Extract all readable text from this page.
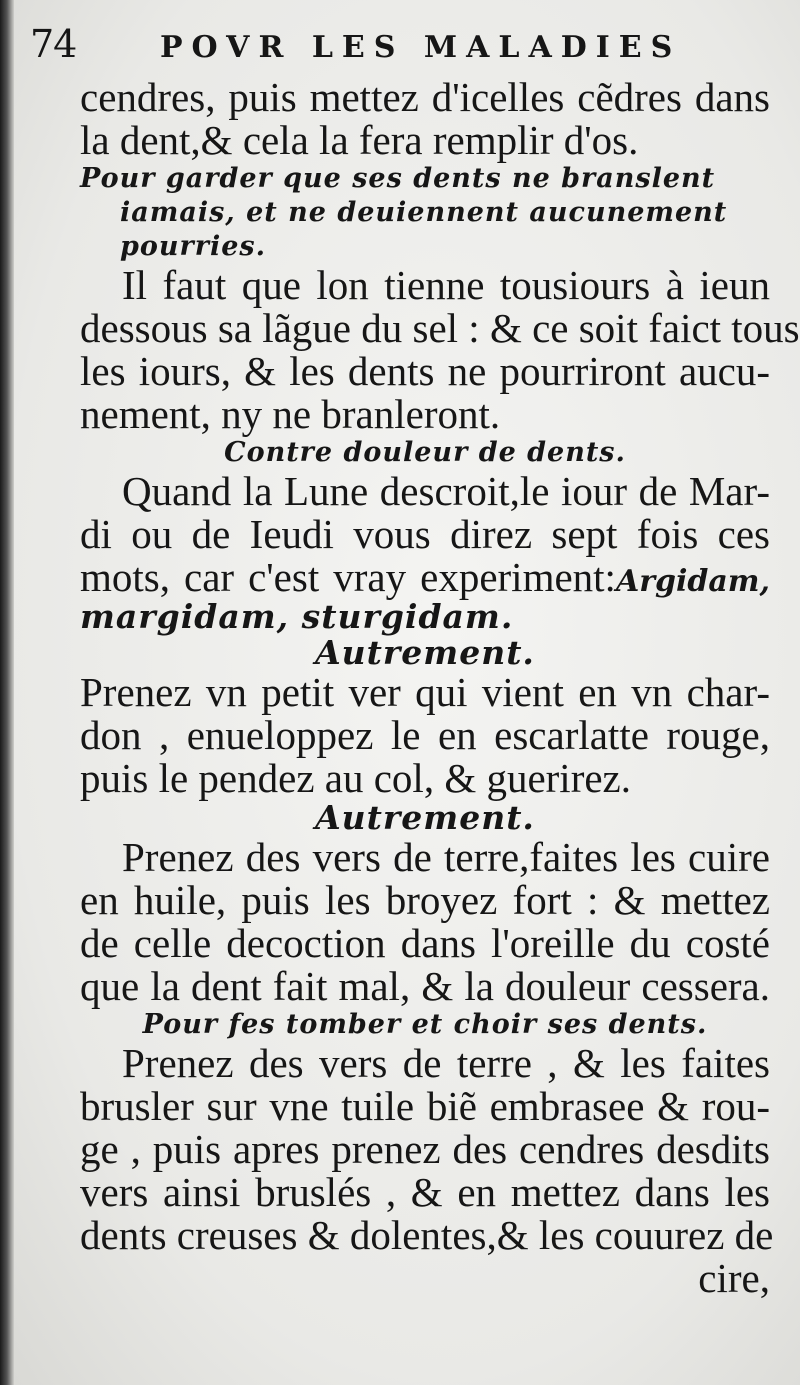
74	POVR LES MALADIES
cendres, puis mettez d'icelles cẽdres dans
la dent,& cela la fera remplir d'os.
Pour garder que ses dents ne branslent
iamais, et ne deuiennent aucunement
pourries.
Il faut que lon tienne tousiours à ieun
dessous sa lãgue du sel : & ce soit faict tous
les iours, & les dents ne pourriront aucu-
nement, ny ne branleront.
Contre douleur de dents.
Quand la Lune descroit,le iour de Mar-
di ou de Ieudi vous direz sept fois ces
mots, car c'est vray experiment:Argidam,
margidam, sturgidam.
Autrement.
Prenez vn petit ver qui vient en vn char-
don , enueloppez le en escarlatte rouge,
puis le pendez au col, & guerirez.
Autrement.
Prenez des vers de terre,faites les cuire
en huile, puis les broyez fort : & mettez
de celle decoction dans l'oreille du costé
que la dent fait mal, & la douleur cessera.
Pour fes tomber et choir ses dents.
Prenez des vers de terre , & les faites
brusler sur vne tuile biẽ embrasee & rou-
ge , puis apres prenez des cendres desdits
vers ainsi bruslés , & en mettez dans les
dents creuses & dolentes,& les couurez de
cire,
